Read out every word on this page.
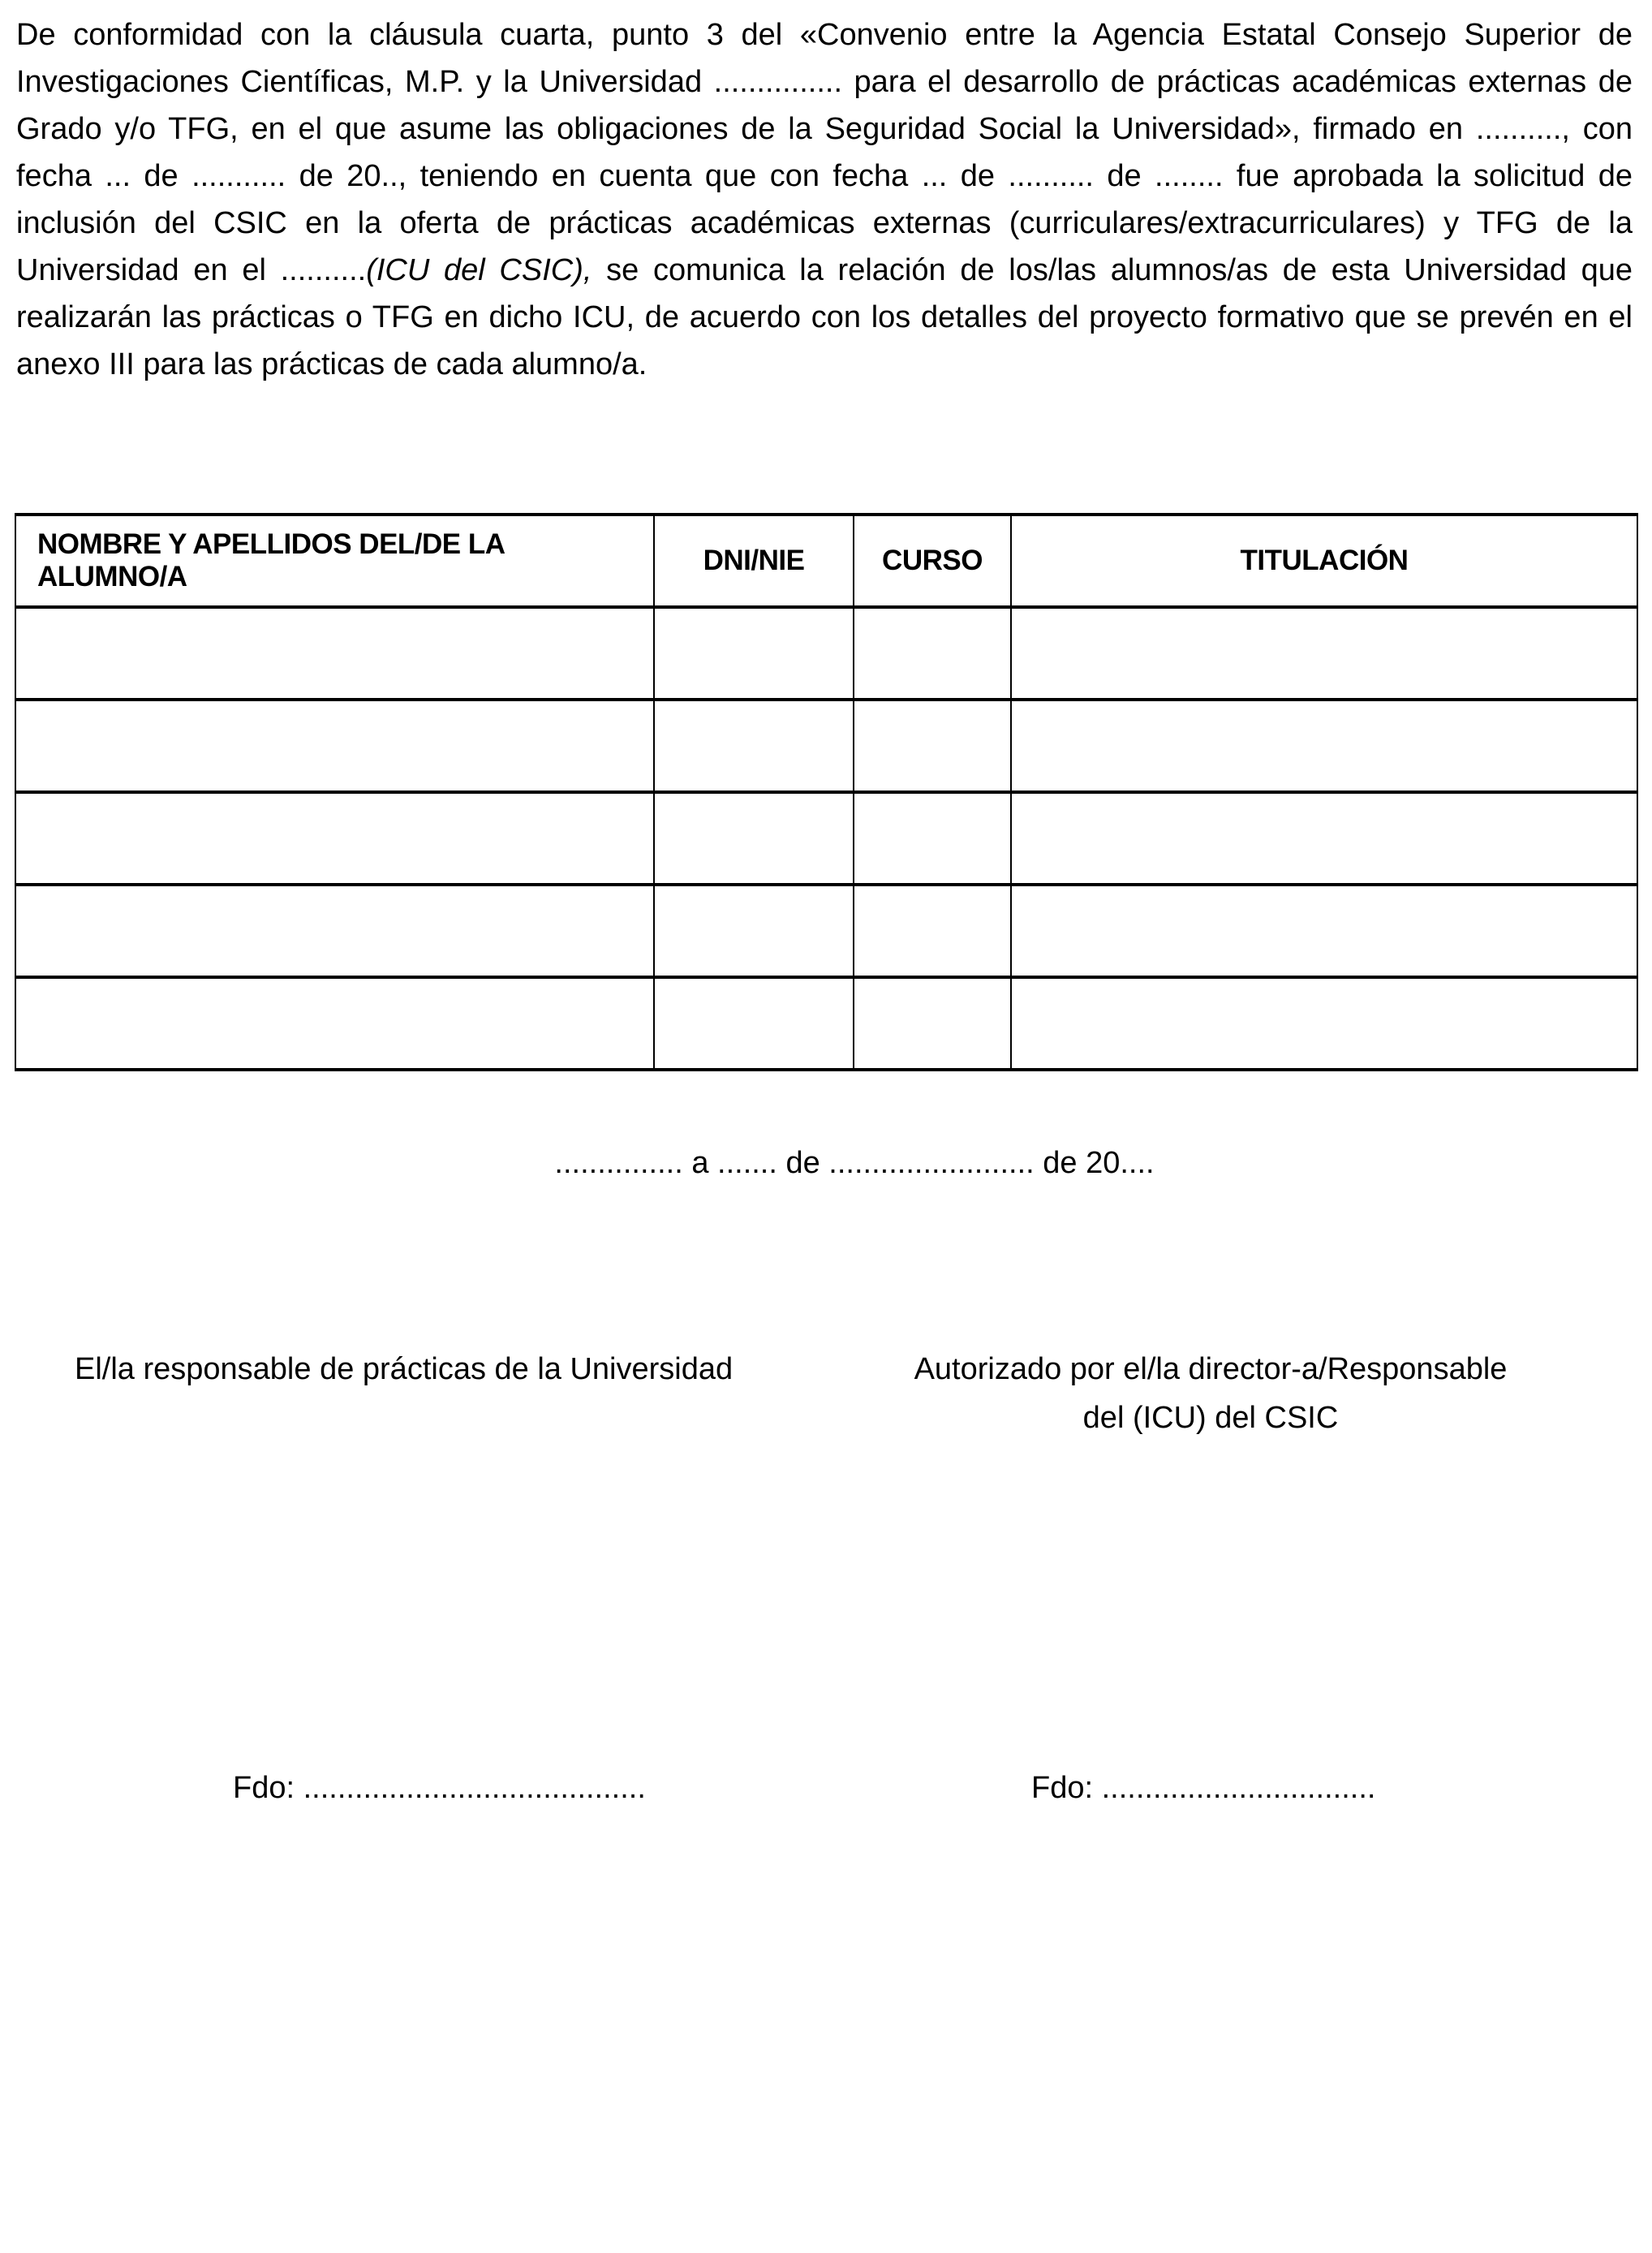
De conformidad con la cláusula cuarta, punto 3 del «Convenio entre la Agencia Estatal Consejo Superior de Investigaciones Científicas, M.P. y la Universidad ............... para el desarrollo de prácticas académicas externas de Grado y/o TFG, en el que asume las obligaciones de la Seguridad Social la Universidad», firmado en .........., con fecha ... de ........... de 20.., teniendo en cuenta que con fecha ... de .......... de ........ fue aprobada la solicitud de inclusión del CSIC en la oferta de prácticas académicas externas (curriculares/extracurriculares) y TFG de la Universidad en el ..........(ICU del CSIC), se comunica la relación de los/las alumnos/as de esta Universidad que realizarán las prácticas o TFG en dicho ICU, de acuerdo con los detalles del proyecto formativo que se prevén en el anexo III para las prácticas de cada alumno/a.

NOMBRE Y APELLIDOS DEL/DE LA ALUMNO/A	DNI/NIE	CURSO	TITULACIÓN

............... a ....... de ........................ de 20....
El/la responsable de prácticas de la Universidad	Autorizado por el/la director-a/Responsable
del (ICU) del CSIC
Fdo: ........................................	Fdo: ................................
